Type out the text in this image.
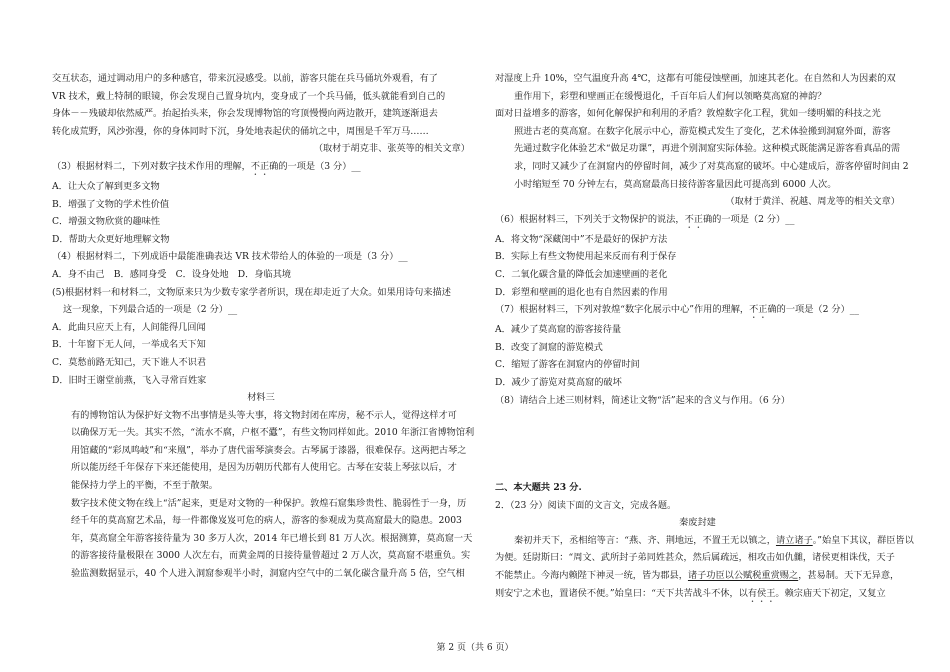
交互状态，通过调动用户的多种感官，带来沉浸感受。以前，游客只能在兵马俑坑外观看，有了

VR 技术，戴上特制的眼镜，你会发现自己置身坑内，变身成了一个兵马俑，低头就能看到自己的

身体－－残破却依然威严。抬起抬头来，你会发现博物馆的穹顶慢慢向两边散开，建筑逐渐退去

转化成荒野，风沙弥漫，你的身体同时下沉，身处地表起伏的俑坑之中，周围是千军万马……

（取材于胡克非、张英等的相关文章）

（3）根据材料二，下列对数字技术作用的理解，不正确的一项是（3 分）__

A．让大众了解到更多文物

B．增强了文物的学术性价值

C．增强文物欣赏的趣味性

D．帮助大众更好地理解文物

（4）根据材料二，下列成语中最能准确表达 VR 技术带给人的体验的一项是（3 分）__

A．身不由己　B．感同身受　C．设身处地　D．身临其境

(5)根据材料一和材料二，文物原来只为少数专家学者所识，现在却走近了大众。如果用诗句来描述

这一现象，下列最合适的一项是（2 分）__

A．此曲只应天上有，人间能得几回闻

B．十年窗下无人问，一举成名天下知

C．莫愁前路无知己，天下谁人不识君

D．旧时王谢堂前燕，飞入寻常百姓家

材料三

有的博物馆认为保护好文物不出事情是头等大事，将文物封闭在库房，秘不示人，觉得这样才可

以确保万无一失。其实不然，“流水不腐，户枢不蠹”，有些文物同样如此。2010 年浙江省博物馆利

用馆藏的“彩凤鸣岐”和“来凰”，举办了唐代雷琴演奏会。古琴属于漆器，很难保存。这两把古琴之

所以能历经千年保存下来还能使用，是因为历朝历代都有人使用它。古琴在安装上琴弦以后，才

能保持力学上的平衡，不至于散架。

数字技术使文物在线上“活”起来，更是对文物的一种保护。敦煌石窟集珍贵性、脆弱性于一身，历

经千年的莫高窟艺术品，每一件都像岌岌可危的病人，游客的参观成为莫高窟最大的隐患。2003

年，莫高窟全年游客接待量为 30 多万人次，2014 年已增长到 81 万人次。根据测算，莫高窟一天

的游客接待量极限在 3000 人次左右，而黄金周的日接待量曾超过 2 万人次，莫高窟不堪重负。实

验监测数据显示，40 个人进入洞窟参观半小时，洞窟内空气中的二氧化碳含量升高 5 倍，空气相

对湿度上升 10%，空气温度升高 4℃，这都有可能侵蚀壁画，加速其老化。在自然和人为因素的双

重作用下，彩塑和壁画正在缓慢退化，千百年后人们何以领略莫高窟的神韵？

面对日益增多的游客，如何化解保护和利用的矛盾？敦煌数字化工程，犹如一缕明媚的科技之光

照进古老的莫高窟。在数字化展示中心，游览模式发生了变化，艺术体验搬到洞窟外面，游客

先通过数字化体验艺术“做足功课”，再进个别洞窟实际体验。这种模式既能满足游客看真品的需

求，同时又减少了在洞窟内的停留时间，减少了对莫高窟的破坏。中心建成后，游客停留时间由 2

小时缩短至 70 分钟左右，莫高窟最高日接待游客量因此可提高到 6000 人次。

（取材于黄洋、祝越、周龙等的相关文章）

（6）根据材料三，下列关于文物保护的说法，不正确的一项是（2 分）__

A．将文物“深藏闺中”不是最好的保护方法

B．实际上有些文物使用起来反而有利于保存

C．二氧化碳含量的降低会加速壁画的老化

D．彩塑和壁画的退化也有自然因素的作用

（7）根据材料三，下列对敦煌“数字化展示中心”作用的理解，不正确的一项是（2 分）__

A．减少了莫高窟的游客接待量

B．改变了洞窟的游览模式

C．缩短了游客在洞窟内的停留时间

D．减少了游览对莫高窟的破坏

（8）请结合上述三则材料，简述让文物“活”起来的含义与作用。（6 分）

二、本大题共 23 分.

2．（23 分）阅读下面的文言文，完成各题。

秦废封建

秦初并天下，丞相绾等言：“燕、齐、荆地远，不置王无以镇之，请立诸子。”始皇下其议，群臣皆以

为便。廷尉斯曰：“周文、武所封子弟同姓甚众，然后属疏远，相攻击如仇雠，诸侯更相诛伐，天子

不能禁止。今海内赖陛下神灵一统，皆为郡县，诸子功臣以公赋税重赏赐之，甚易制。天下无异意，

则安宁之术也，置诸侯不便。”始皇曰：“天下共苦战斗不休，以有侯王。赖宗庙天下初定，又复立

第 2 页（共 6 页）
